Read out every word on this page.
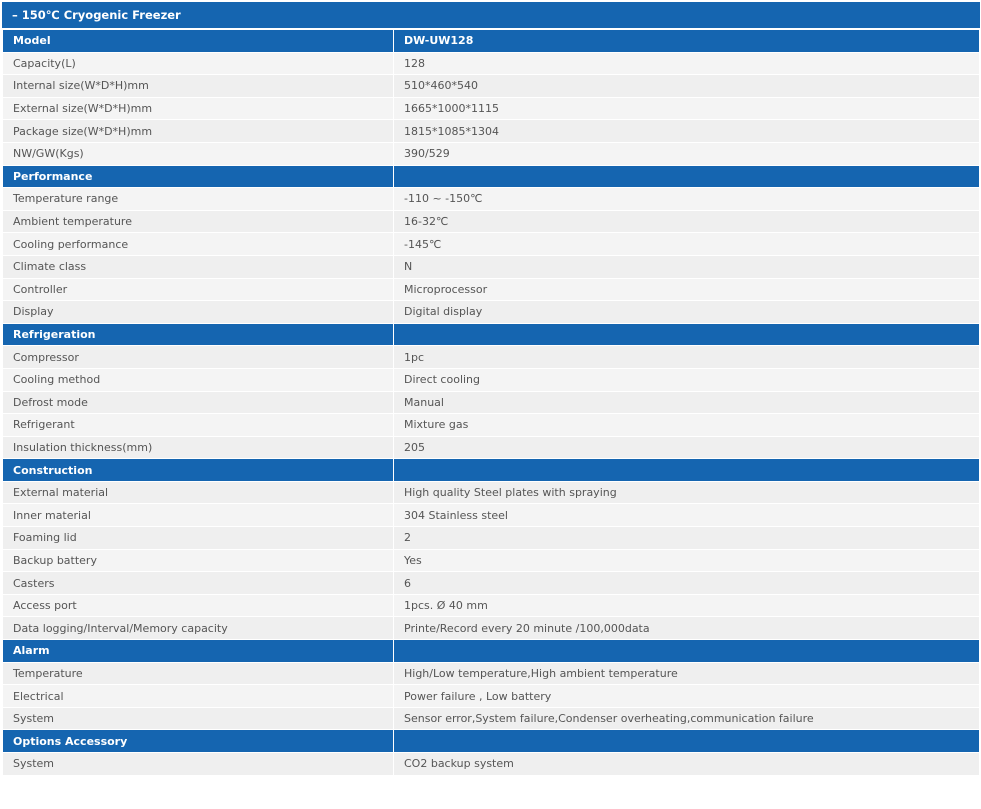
– 150℃ Cryogenic Freezer
Model	DW-UW128
Capacity(L)	128
Internal size(W*D*H)mm	510*460*540
External size(W*D*H)mm	1665*1000*1115
Package size(W*D*H)mm	1815*1085*1304
NW/GW(Kgs)	390/529
Performance	
Temperature range	-110 ~ -150℃
Ambient temperature	16-32℃
Cooling performance	-145℃
Climate class	N
Controller	Microprocessor
Display	Digital display
Refrigeration	
Compressor	1pc
Cooling method	Direct cooling
Defrost mode	Manual
Refrigerant	Mixture gas
Insulation thickness(mm)	205
Construction	
External material	High quality Steel plates with spraying
Inner material	304 Stainless steel
Foaming lid	2
Backup battery	Yes
Casters	6
Access port	1pcs. Ø 40 mm
Data logging/Interval/Memory capacity	Printe/Record every 20 minute /100,000data
Alarm	
Temperature	High/Low temperature,High ambient temperature
Electrical	Power failure , Low battery
System	Sensor error,System failure,Condenser overheating,communication failure
Options Accessory	
System	CO2 backup system
